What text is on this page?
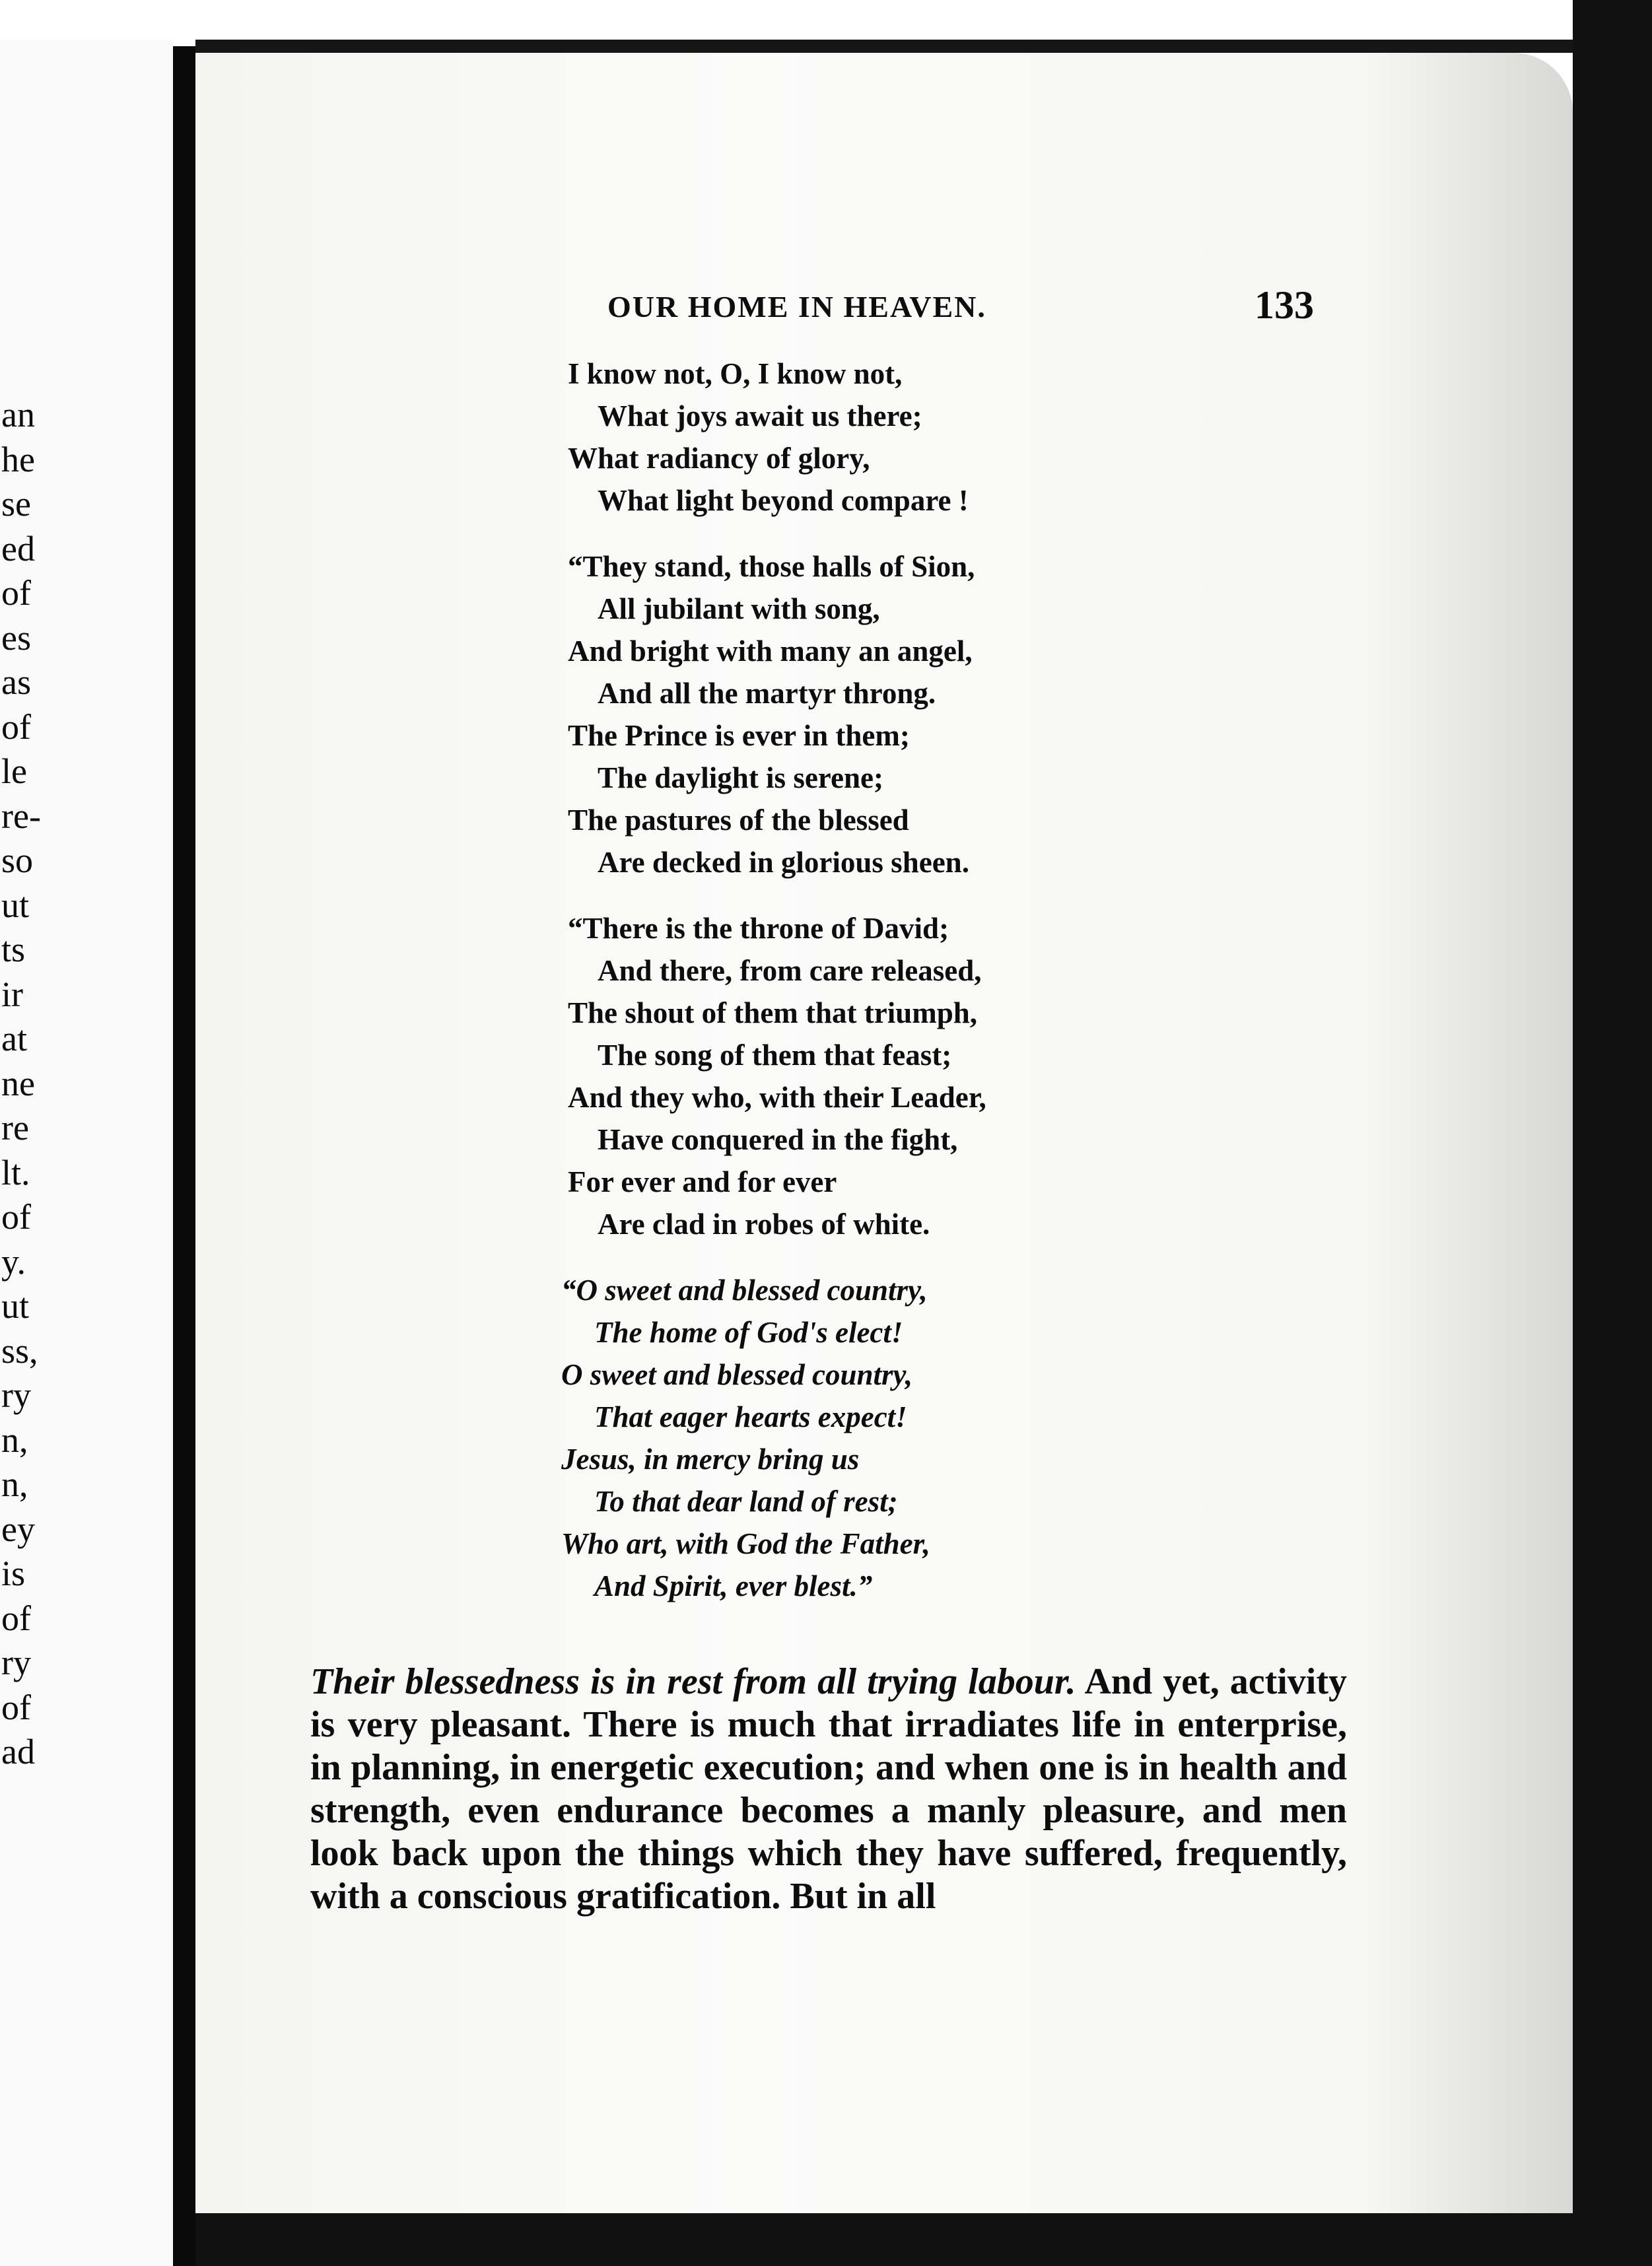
an
he
se
ed
of
es
as
of
le
re-
so
ut
ts
ir
at
ne
re
lt.
of
y.
ut
ss,
ry
n,
n,
ey
is
of
ry
of
ad
OUR HOME IN HEAVEN.	133
I know not, O, I know not,
What joys await us there;
What radiancy of glory,
What light beyond compare !
“They stand, those halls of Sion,
All jubilant with song,
And bright with many an angel,
And all the martyr throng.
The Prince is ever in them;
The daylight is serene;
The pastures of the blessed
Are decked in glorious sheen.
“There is the throne of David;
And there, from care released,
The shout of them that triumph,
The song of them that feast;
And they who, with their Leader,
Have conquered in the fight,
For ever and for ever
Are clad in robes of white.
“O sweet and blessed country,
The home of God's elect!
O sweet and blessed country,
That eager hearts expect!
Jesus, in mercy bring us
To that dear land of rest;
Who art, with God the Father,
And Spirit, ever blest.”
Their blessedness is in rest from all trying labour. And yet, activity is very pleasant. There is much that irradiates life in enterprise, in planning, in energetic execution; and when one is in health and strength, even endurance becomes a manly pleasure, and men look back upon the things which they have suffered, frequently, with a conscious gratification. But in all
